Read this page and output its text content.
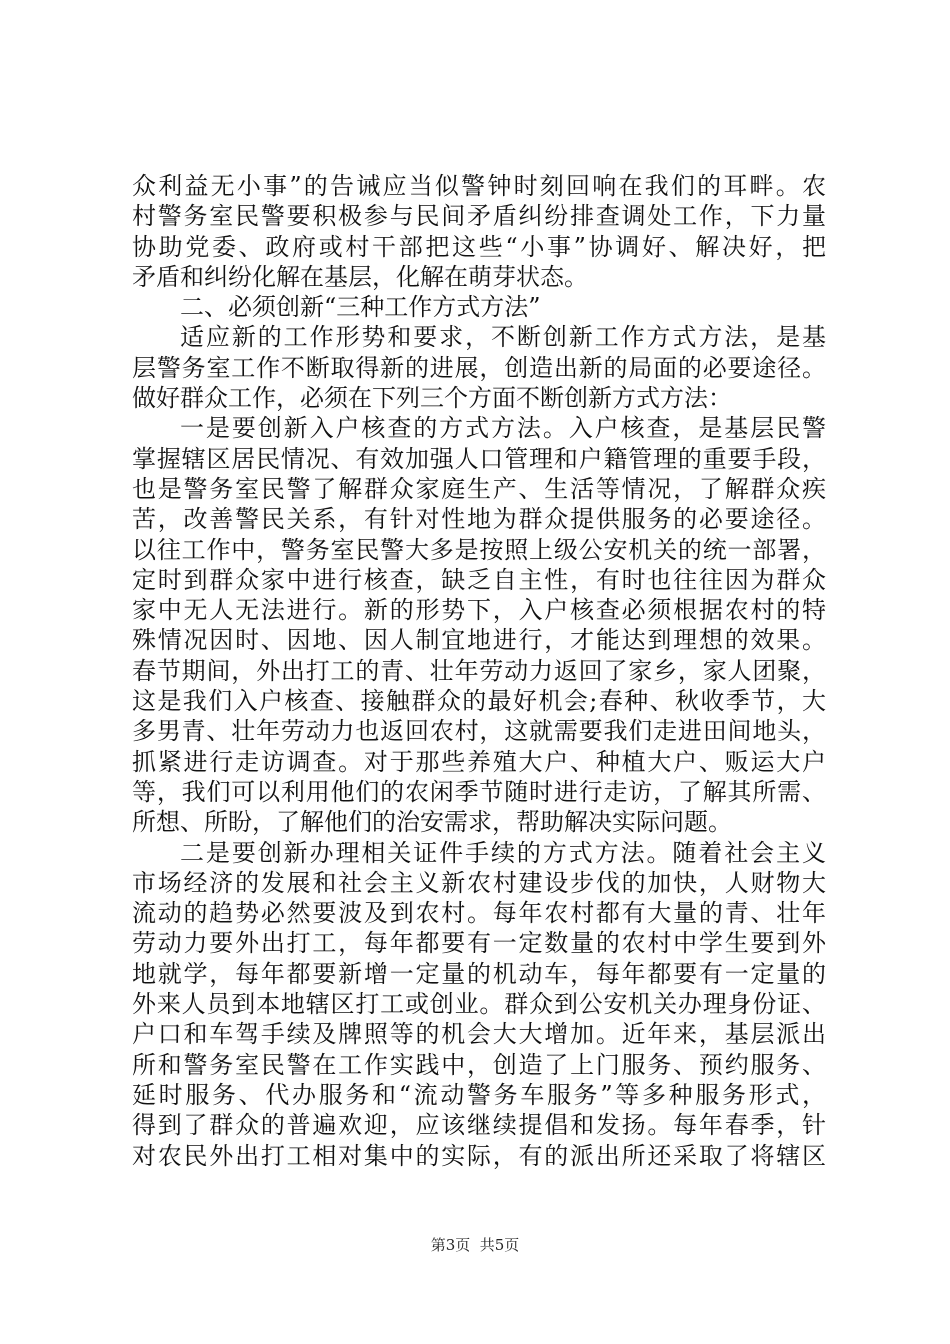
众利益无小事”的告诫应当似警钟时刻回响在我们的耳畔。农
村警务室民警要积极参与民间矛盾纠纷排查调处工作，下力量
协助党委、政府或村干部把这些“小事”协调好、解决好，把
矛盾和纠纷化解在基层，化解在萌芽状态。
二、必须创新“三种工作方式方法”
适应新的工作形势和要求，不断创新工作方式方法，是基
层警务室工作不断取得新的进展，创造出新的局面的必要途径。
做好群众工作，必须在下列三个方面不断创新方式方法：
一是要创新入户核查的方式方法。入户核查，是基层民警
掌握辖区居民情况、有效加强人口管理和户籍管理的重要手段，
也是警务室民警了解群众家庭生产、生活等情况，了解群众疾
苦，改善警民关系，有针对性地为群众提供服务的必要途径。
以往工作中，警务室民警大多是按照上级公安机关的统一部署，
定时到群众家中进行核查，缺乏自主性，有时也往往因为群众
家中无人无法进行。新的形势下，入户核查必须根据农村的特
殊情况因时、因地、因人制宜地进行，才能达到理想的效果。
春节期间，外出打工的青、壮年劳动力返回了家乡，家人团聚，
这是我们入户核查、接触群众的最好机会;春种、秋收季节，大
多男青、壮年劳动力也返回农村，这就需要我们走进田间地头，
抓紧进行走访调查。对于那些养殖大户、种植大户、贩运大户
等，我们可以利用他们的农闲季节随时进行走访，了解其所需、
所想、所盼，了解他们的治安需求，帮助解决实际问题。
二是要创新办理相关证件手续的方式方法。随着社会主义
市场经济的发展和社会主义新农村建设步伐的加快，人财物大
流动的趋势必然要波及到农村。每年农村都有大量的青、壮年
劳动力要外出打工，每年都要有一定数量的农村中学生要到外
地就学，每年都要新增一定量的机动车，每年都要有一定量的
外来人员到本地辖区打工或创业。群众到公安机关办理身份证、
户口和车驾手续及牌照等的机会大大增加。近年来，基层派出
所和警务室民警在工作实践中，创造了上门服务、预约服务、
延时服务、代办服务和“流动警务车服务”等多种服务形式，
得到了群众的普遍欢迎，应该继续提倡和发扬。每年春季，针
对农民外出打工相对集中的实际，有的派出所还采取了将辖区
第3页  共5页
